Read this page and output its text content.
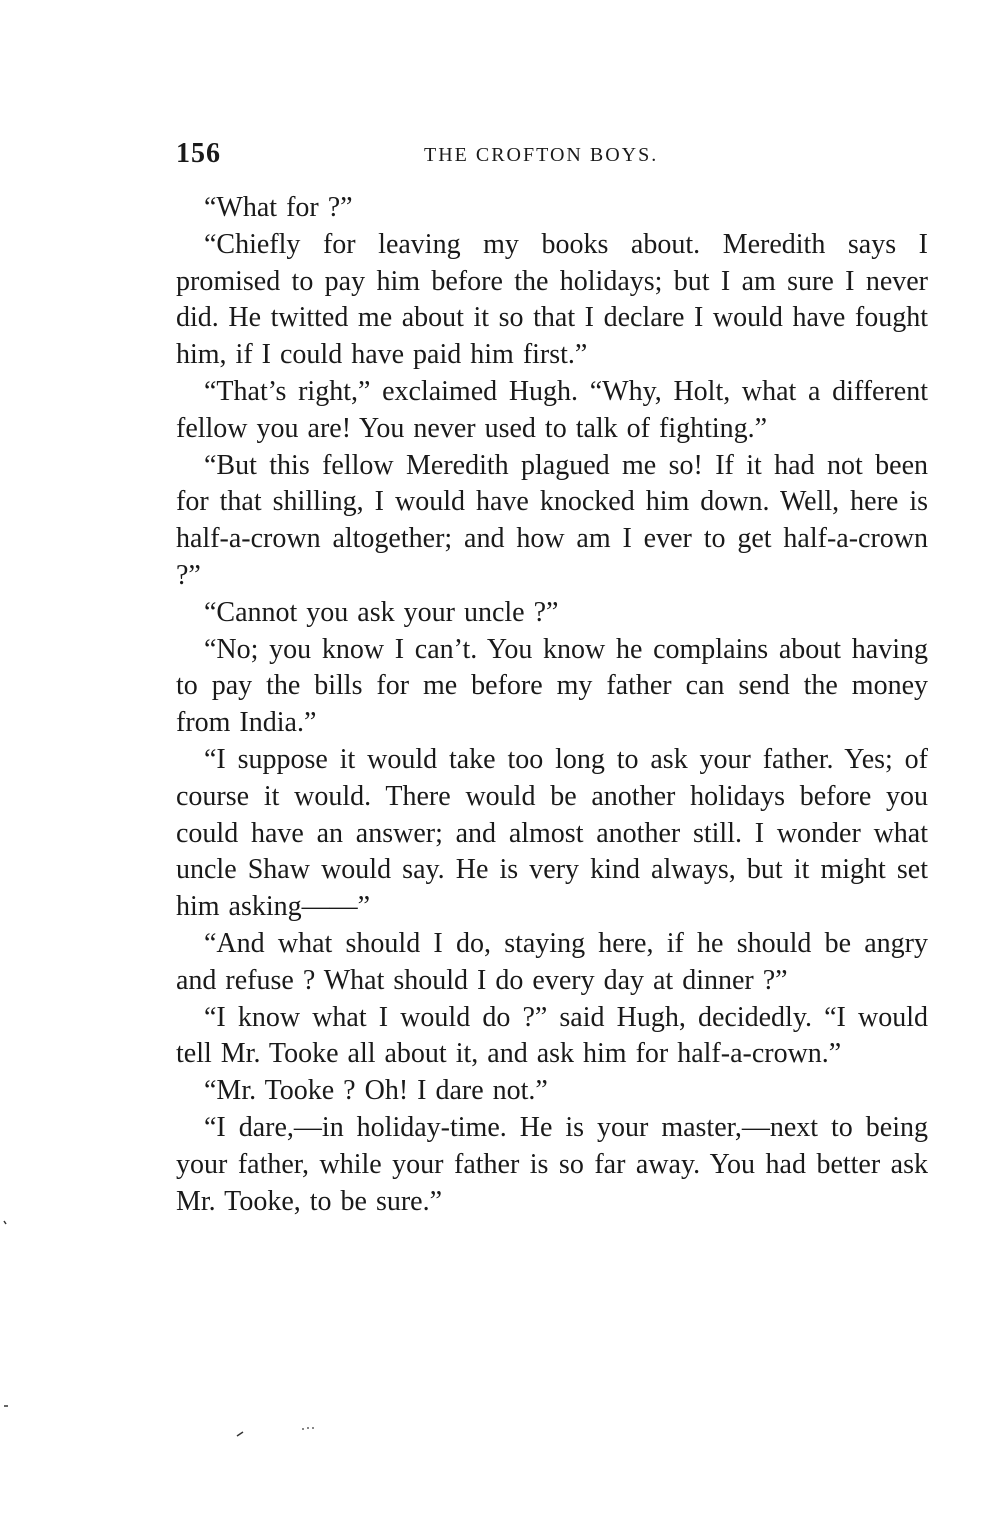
156	THE CROFTON BOYS.

“What for ?”

“Chiefly for leaving my books about. Meredith says I promised to pay him before the holidays; but I am sure I never did. He twitted me about it so that I declare I would have fought him, if I could have paid him first.”

“That’s right,” exclaimed Hugh. “Why, Holt, what a different fellow you are! You never used to talk of fighting.”

“But this fellow Meredith plagued me so! If it had not been for that shilling, I would have knocked him down. Well, here is half-a-crown altogether; and how am I ever to get half-a-crown ?”

“Cannot you ask your uncle ?”

“No; you know I can’t. You know he complains about having to pay the bills for me before my father can send the money from India.”

“I suppose it would take too long to ask your father. Yes; of course it would. There would be another holidays before you could have an answer; and almost another still. I wonder what uncle Shaw would say. He is very kind always, but it might set him asking——”

“And what should I do, staying here, if he should be angry and refuse ? What should I do every day at dinner ?”

“I know what I would do ?” said Hugh, decidedly. “I would tell Mr. Tooke all about it, and ask him for half-a-crown.”

“Mr. Tooke ? Oh! I dare not.”

“I dare,—in holiday-time. He is your master,—next to being your father, while your father is so far away. You had better ask Mr. Tooke, to be sure.”
